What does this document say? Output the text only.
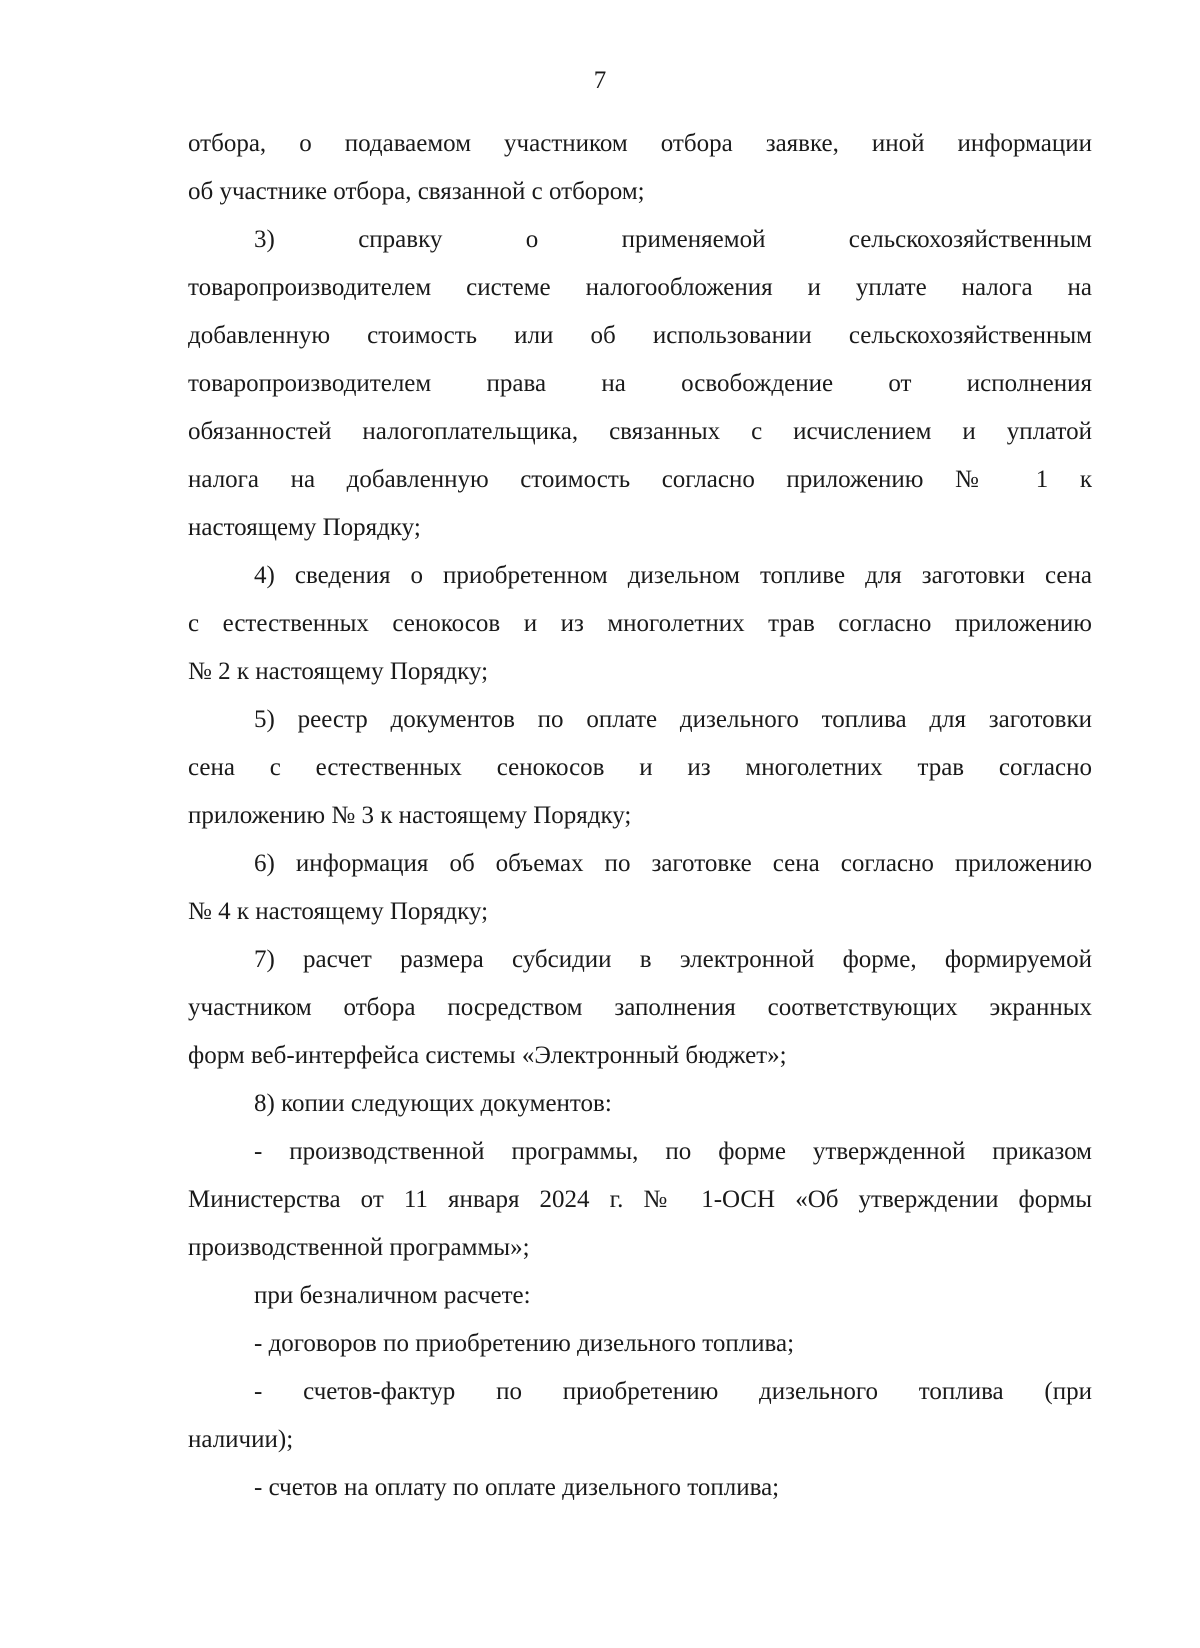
7

отбора, о подаваемом участником отбора заявке, иной информации
об участнике отбора, связанной с отбором;

3) справку о применяемой сельскохозяйственным
товаропроизводителем системе налогообложения и уплате налога на
добавленную стоимость или об использовании сельскохозяйственным
товаропроизводителем права на освобождение от исполнения
обязанностей налогоплательщика, связанных с исчислением и уплатой
налога на добавленную стоимость согласно приложению № 1 к
настоящему Порядку;

4) сведения о приобретенном дизельном топливе для заготовки сена
с естественных сенокосов и из многолетних трав согласно приложению
№ 2 к настоящему Порядку;

5) реестр документов по оплате дизельного топлива для заготовки
сена с естественных сенокосов и из многолетних трав согласно
приложению № 3 к настоящему Порядку;

6) информация об объемах по заготовке сена согласно приложению
№ 4 к настоящему Порядку;

7) расчет размера субсидии в электронной форме, формируемой
участником отбора посредством заполнения соответствующих экранных
форм веб-интерфейса системы «Электронный бюджет»;

8) копии следующих документов:

- производственной программы, по форме утвержденной приказом
Министерства от 11 января 2024 г. № 1-ОСН «Об утверждении формы
производственной программы»;

при безналичном расчете:

- договоров по приобретению дизельного топлива;

- счетов-фактур по приобретению дизельного топлива (при
наличии);

- счетов на оплату по оплате дизельного топлива;
